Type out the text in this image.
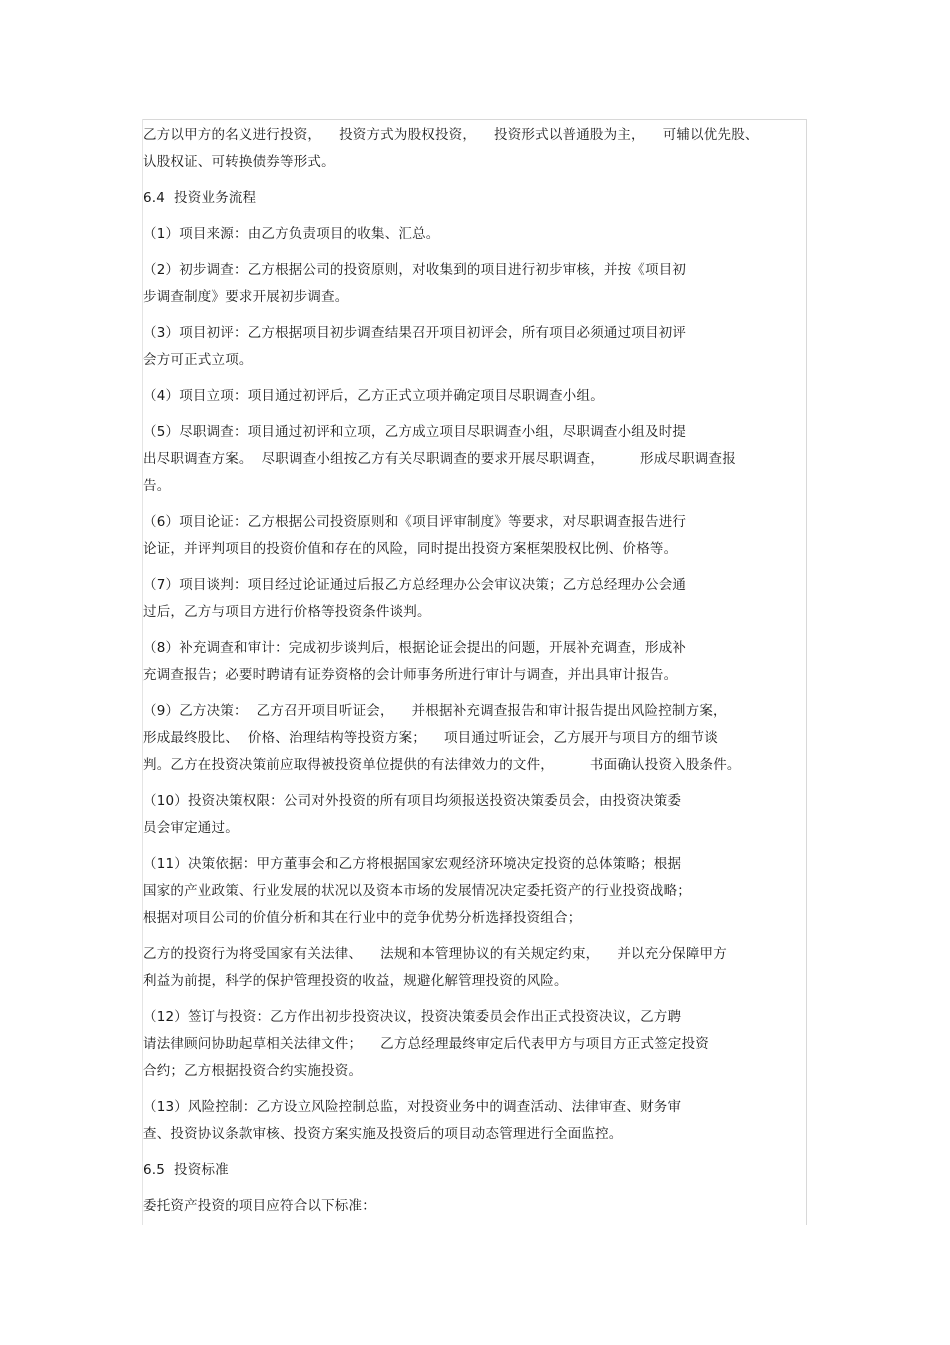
乙方以甲方的名义进行投资，    投资方式为股权投资，    投资形式以普通股为主，    可辅以优先股、
认股权证、可转换债券等形式。
6.4  投资业务流程
（1）项目来源：由乙方负责项目的收集、汇总。
（2）初步调查：乙方根据公司的投资原则，对收集到的项目进行初步审核，并按《项目初
步调查制度》要求开展初步调查。
（3）项目初评：乙方根据项目初步调查结果召开项目初评会，所有项目必须通过项目初评
会方可正式立项。
（4）项目立项：项目通过初评后，乙方正式立项并确定项目尽职调查小组。
（5）尽职调查：项目通过初评和立项，乙方成立项目尽职调查小组，尽职调查小组及时提
出尽职调查方案。  尽职调查小组按乙方有关尽职调查的要求开展尽职调查，        形成尽职调查报
告。
（6）项目论证：乙方根据公司投资原则和《项目评审制度》等要求，对尽职调查报告进行
论证，并评判项目的投资价值和存在的风险，同时提出投资方案框架股权比例、价格等。
（7）项目谈判：项目经过论证通过后报乙方总经理办公会审议决策；乙方总经理办公会通
过后，乙方与项目方进行价格等投资条件谈判。
（8）补充调查和审计：完成初步谈判后，根据论证会提出的问题，开展补充调查，形成补
充调查报告；必要时聘请有证券资格的会计师事务所进行审计与调查，并出具审计报告。
（9）乙方决策：  乙方召开项目听证会，    并根据补充调查报告和审计报告提出风险控制方案，
形成最终股比、  价格、治理结构等投资方案；    项目通过听证会，乙方展开与项目方的细节谈
判。乙方在投资决策前应取得被投资单位提供的有法律效力的文件，        书面确认投资入股条件。
（10）投资决策权限：公司对外投资的所有项目均须报送投资决策委员会，由投资决策委
员会审定通过。
（11）决策依据：甲方董事会和乙方将根据国家宏观经济环境决定投资的总体策略；根据
国家的产业政策、行业发展的状况以及资本市场的发展情况决定委托资产的行业投资战略；
根据对项目公司的价值分析和其在行业中的竞争优势分析选择投资组合；
乙方的投资行为将受国家有关法律、    法规和本管理协议的有关规定约束，    并以充分保障甲方
利益为前提，科学的保护管理投资的收益，规避化解管理投资的风险。
（12）签订与投资：乙方作出初步投资决议，投资决策委员会作出正式投资决议，乙方聘
请法律顾问协助起草相关法律文件；    乙方总经理最终审定后代表甲方与项目方正式签定投资
合约；乙方根据投资合约实施投资。
（13）风险控制：乙方设立风险控制总监，对投资业务中的调查活动、法律审查、财务审
查、投资协议条款审核、投资方案实施及投资后的项目动态管理进行全面监控。
6.5  投资标准
委托资产投资的项目应符合以下标准：
